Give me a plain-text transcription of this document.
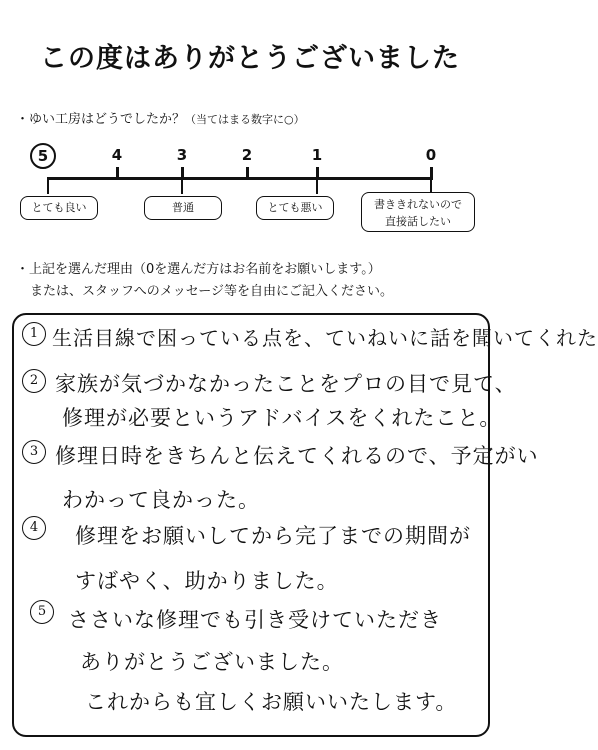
この度はありがとうございました
・ゆい工房はどうでしたか？（当てはまる数字に○）
5	4	3	2	1	0
とても良い	普通	とても悪い	書ききれないので
直接話したい
・上記を選んだ理由（0を選んだ方はお名前をお願いします。）
または、スタッフへのメッセージ等を自由にご記入ください。
1 生活目線で困っている点を、ていねいに話を聞いてくれた
2 家族が気づかなかったことをプロの目で見て、
修理が必要というアドバイスをくれたこと。
3 修理日時をきちんと伝えてくれるので、予定がい
わかって良かった。
4	修理をお願いしてから完了までの期間が
すばやく、助かりました。
5	ささいな修理でも引き受けていただき
ありがとうございました。
これからも宜しくお願いいたします。
